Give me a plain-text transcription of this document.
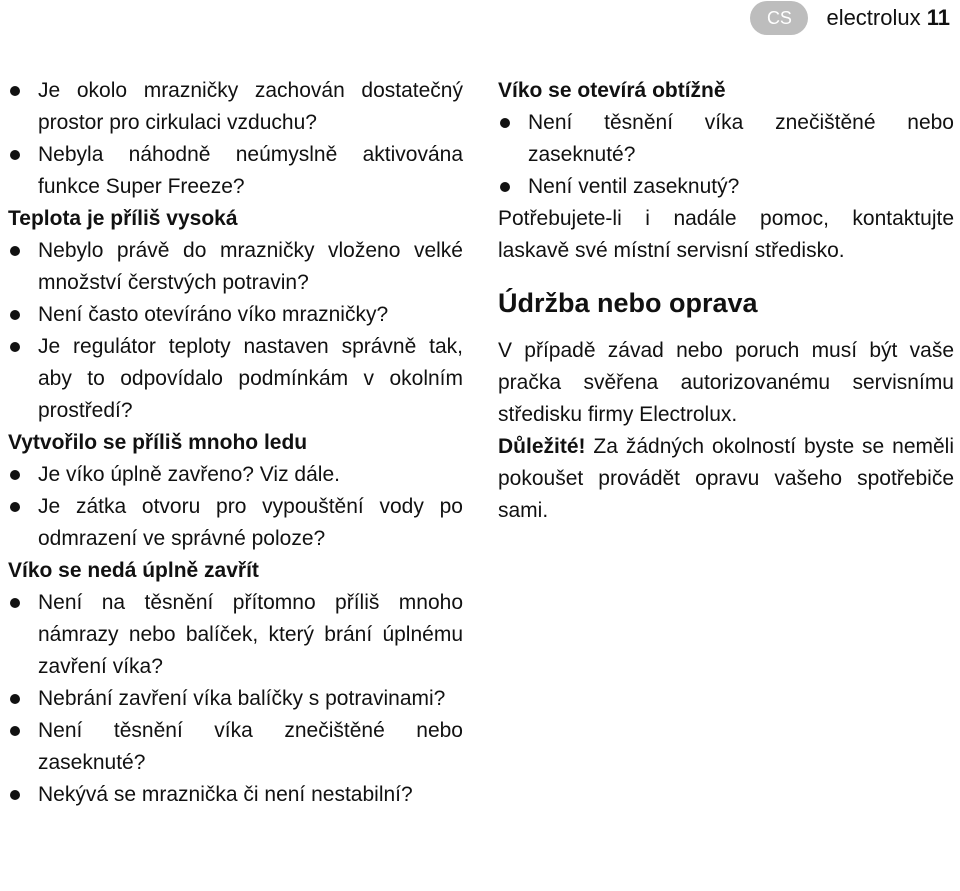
CS	electrolux 11
Je okolo mrazničky zachován dostatečný prostor pro cirkulaci vzduchu?
Nebyla náhodně neúmyslně aktivována funkce Super Freeze?

Teplota je příliš vysoká

Nebylo právě do mrazničky vloženo velké množství čerstvých potravin?
Není často otevíráno víko mrazničky?
Je regulátor teploty nastaven správně tak, aby to odpovídalo podmínkám v okolním prostředí?

Vytvořilo se příliš mnoho ledu

Je víko úplně zavřeno? Viz dále.
Je zátka otvoru pro vypouštění vody po odmrazení ve správné poloze?

Víko se nedá úplně zavřít

Není na těsnění přítomno příliš mnoho námrazy nebo balíček, který brání úplnému zavření víka?
Nebrání zavření víka balíčky s potravinami?
Není těsnění víka znečištěné nebo zaseknuté?
Nekývá se mraznička či není nestabilní?

Víko se otevírá obtížně

Není těsnění víka znečištěné nebo zaseknuté?
Není ventil zaseknutý?

Potřebujete-li i nadále pomoc, kontaktujte laskavě své místní servisní středisko.

Údržba nebo oprava

V případě závad nebo poruch musí být vaše pračka svěřena autorizovanému servisnímu středisku firmy Electrolux.

Důležité! Za žádných okolností byste se neměli pokoušet provádět opravu vašeho spotřebiče sami.
